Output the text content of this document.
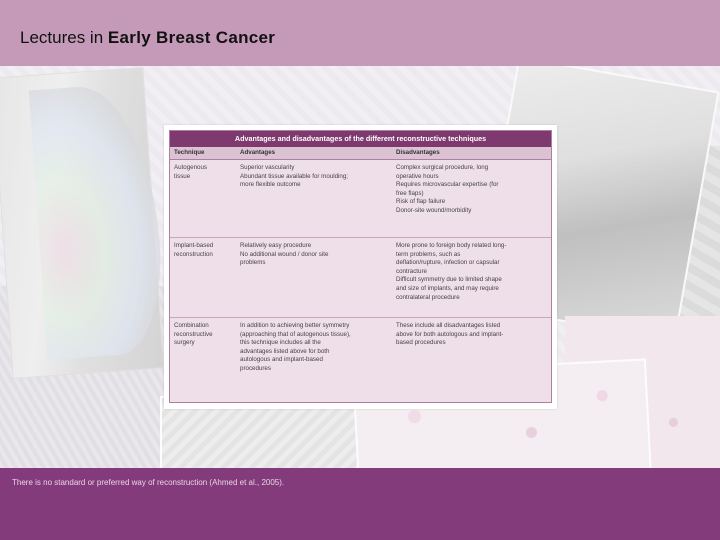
Lectures in Early Breast Cancer
Advantages and disadvantages of the different reconstructive techniques
Technique	Advantages	Disadvantages
Autogenous
tissue
Superior vascularity
Abundant tissue available for moulding;
more flexible outcome
Complex surgical procedure, long
operative hours
Requires microvascular expertise (for
free flaps)
Risk of flap failure
Donor-site wound/morbidity
Implant-based
reconstruction
Relatively easy procedure
No additional wound / donor site
problems
More prone to foreign body related long-
term problems, such as
deflation/rupture, infection or capsular
contracture
Difficult symmetry due to limited shape
and size of implants, and may require
contralateral procedure
Combination
reconstructive
surgery
In addition to achieving better symmetry
(approaching that of autogenous tissue),
this technique includes all the
advantages listed above for both
autologous and implant-based
procedures
These include all disadvantages listed
above for both autologous and implant-
based procedures
There is no standard or preferred way of reconstruction (Ahmed et al., 2005).
